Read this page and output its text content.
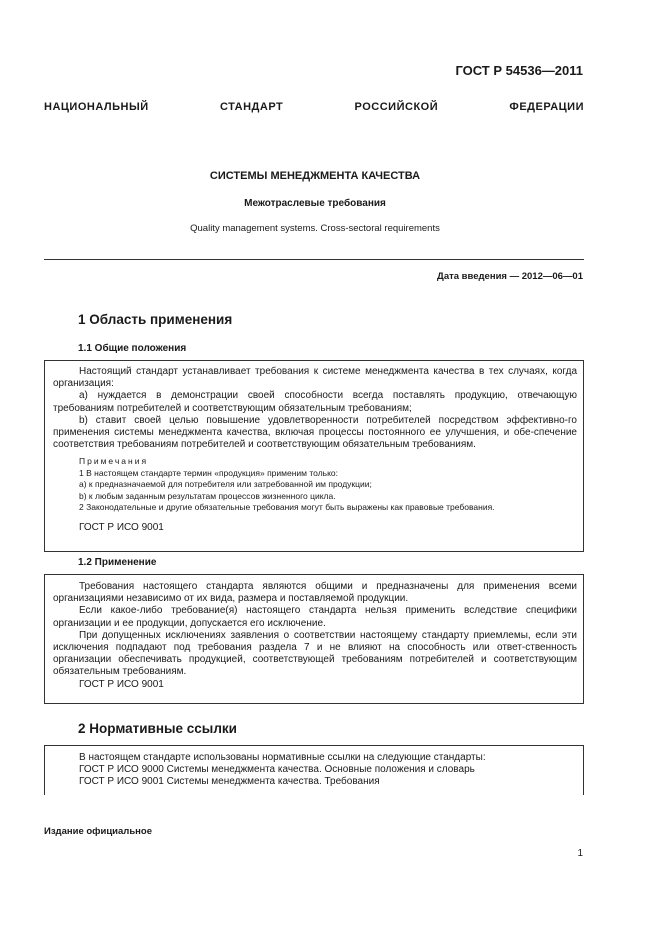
ГОСТ Р 54536—2011
НАЦИОНАЛЬНЫЙ СТАНДАРТ РОССИЙСКОЙ ФЕДЕРАЦИИ
СИСТЕМЫ МЕНЕДЖМЕНТА КАЧЕСТВА
Межотраслевые требования
Quality management systems. Cross-sectoral requirements
Дата введения — 2012—06—01
1 Область применения
1.1 Общие положения
Настоящий стандарт устанавливает требования к системе менеджмента качества в тех случаях, когда организация:
a) нуждается в демонстрации своей способности всегда поставлять продукцию, отвечающую требованиям потребителей и соответствующим обязательным требованиям;
b) ставит своей целью повышение удовлетворенности потребителей посредством эффективно-го применения системы менеджмента качества, включая процессы постоянного ее улучшения, и обе-спечение соответствия требованиям потребителей и соответствующим обязательным требованиям.
Примечания
1 В настоящем стандарте термин «продукция» применим только:
a) к предназначаемой для потребителя или затребованной им продукции;
b) к любым заданным результатам процессов жизненного цикла.
2 Законодательные и другие обязательные требования могут быть выражены как правовые требования.
ГОСТ Р ИСО 9001
1.2 Применение
Требования настоящего стандарта являются общими и предназначены для применения всеми организациями независимо от их вида, размера и поставляемой продукции.
Если какое-либо требование(я) настоящего стандарта нельзя применить вследствие специфики организации и ее продукции, допускается его исключение.
При допущенных исключениях заявления о соответствии настоящему стандарту приемлемы, если эти исключения подпадают под требования раздела 7 и не влияют на способность или ответ-ственность организации обеспечивать продукцией, соответствующей требованиям потребителей и соответствующим обязательным требованиям.
ГОСТ Р ИСО 9001
2 Нормативные ссылки
В настоящем стандарте использованы нормативные ссылки на следующие стандарты:
ГОСТ Р ИСО 9000 Системы менеджмента качества. Основные положения и словарь
ГОСТ Р ИСО 9001 Системы менеджмента качества. Требования
Издание официальное
1
